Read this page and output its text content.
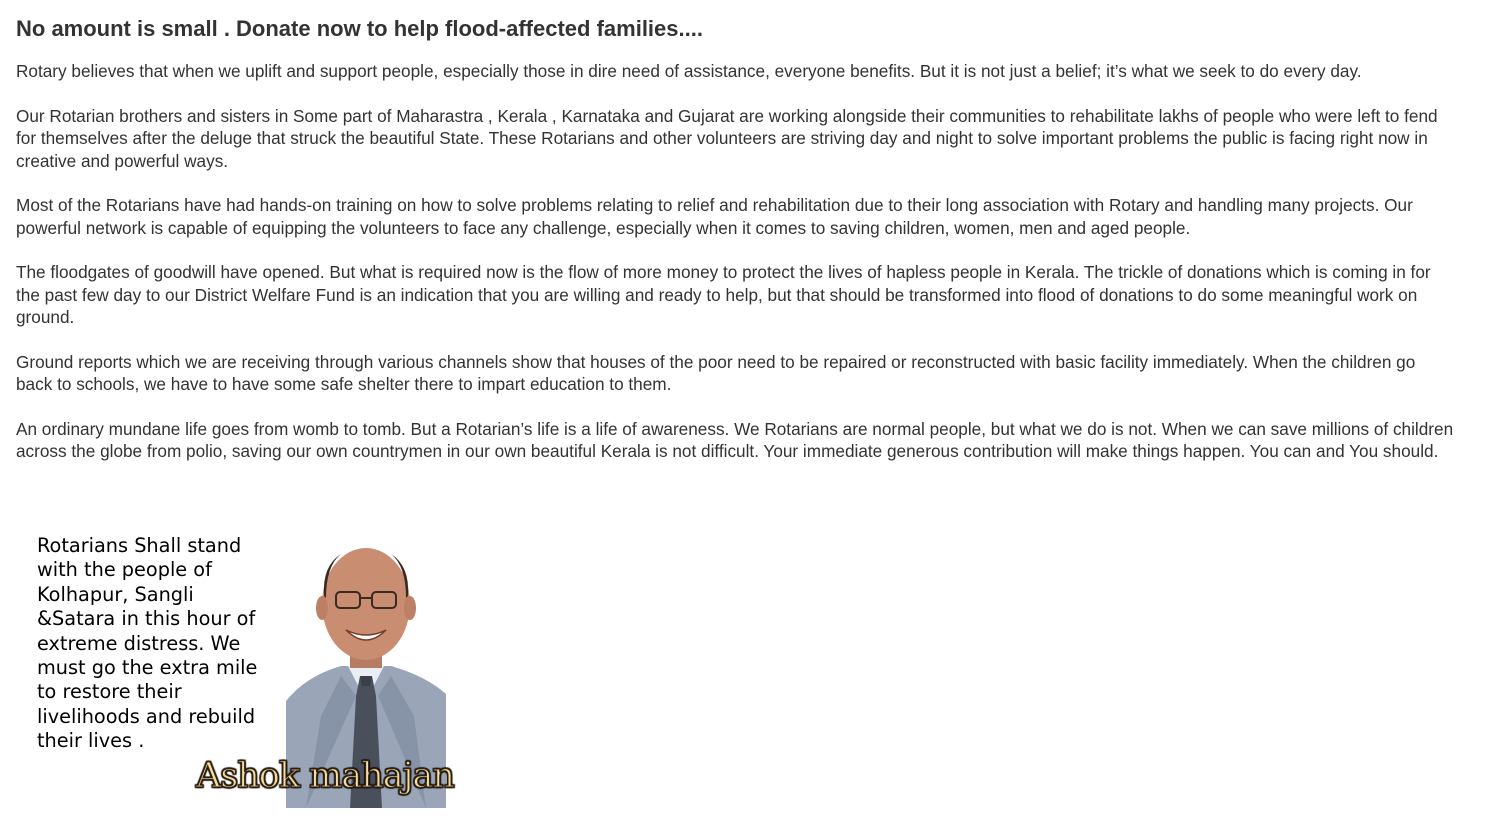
No amount is small . Donate now to help flood-affected families....

Rotary believes that when we uplift and support people, especially those in dire need of assistance, everyone benefits. But it is not just a belief; it’s what we seek to do every day.

Our Rotarian brothers and sisters in Some part of Maharastra , Kerala , Karnataka and Gujarat are working alongside their communities to rehabilitate lakhs of people who were left to fend for themselves after the deluge that struck the beautiful State. These Rotarians and other volunteers are striving day and night to solve important problems the public is facing right now in creative and powerful ways.

Most of the Rotarians have had hands-on training on how to solve problems relating to relief and rehabilitation due to their long association with Rotary and handling many projects. Our powerful network is capable of equipping the volunteers to face any challenge, especially when it comes to saving children, women, men and aged people.

The floodgates of goodwill have opened. But what is required now is the flow of more money to protect the lives of hapless people in Kerala. The trickle of donations which is coming in for the past few day to our District Welfare Fund is an indication that you are willing and ready to help, but that should be transformed into flood of donations to do some meaningful work on ground.

Ground reports which we are receiving through various channels show that houses of the poor need to be repaired or reconstructed with basic facility immediately. When the children go back to schools, we have to have some safe shelter there to impart education to them.

An ordinary mundane life goes from womb to tomb. But a Rotarian’s life is a life of awareness. We Rotarians are normal people, but what we do is not. When we can save millions of children across the globe from polio, saving our own countrymen in our own beautiful Kerala is not difficult. Your immediate generous contribution will make things happen. You can and You should.

Rotarians Shall stand with the people of Kolhapur, Sangli &Satara in this hour of extreme distress. We must go the extra mile to restore their livelihoods and rebuild their lives .
Ashok mahajan
